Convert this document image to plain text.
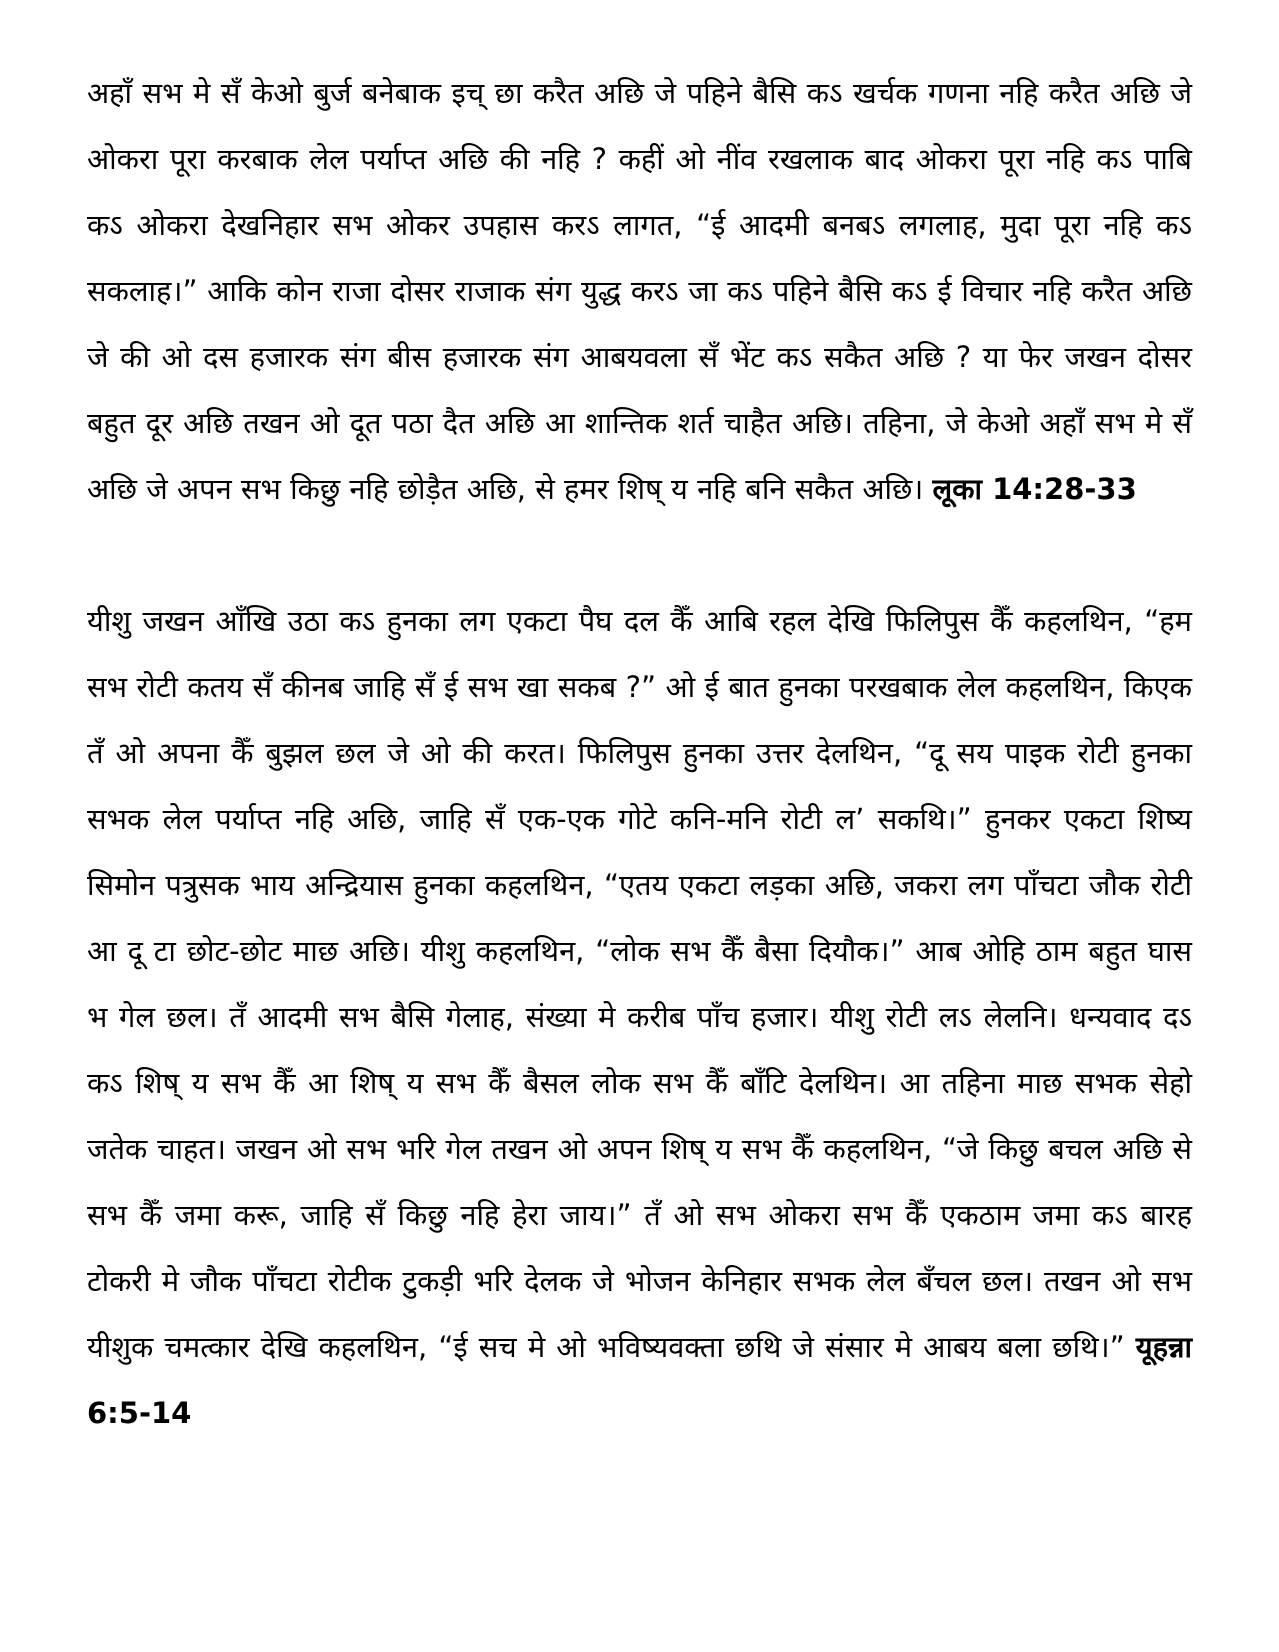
अहाँ सभ मे सँ केओ बुर्ज बनेबाक इच् छा करैत अछि जे पहिने बैसि कऽ खर्चक गणना नहि करैत अछि जे ओकरा पूरा करबाक लेल पर्याप्त अछि की नहि ? कहीं ओ नींव रखलाक बाद ओकरा पूरा नहि कऽ पाबि कऽ ओकरा देखनिहार सभ ओकर उपहास करऽ लागत, “ई आदमी बनबऽ लगलाह, मुदा पूरा नहि कऽ सकलाह।” आकि कोन राजा दोसर राजाक संग युद्ध करऽ जा कऽ पहिने बैसि कऽ ई विचार नहि करैत अछि जे की ओ दस हजारक संग बीस हजारक संग आबयवला सँ भेंट कऽ सकैत अछि ? या फेर जखन दोसर बहुत दूर अछि तखन ओ दूत पठा दैत अछि आ शान्तिक शर्त चाहैत अछि। तहिना, जे केओ अहाँ सभ मे सँ अछि जे अपन सभ किछु नहि छोड़ैत अछि, से हमर शिष् य नहि बनि सकैत अछि। लूका 14:28-33

यीशु जखन आँखि उठा कऽ हुनका लग एकटा पैघ दल कैँ आबि रहल देखि फिलिपुस कैँ कहलथिन, “हम सभ रोटी कतय सँ कीनब जाहि सँ ई सभ खा सकब ?” ओ ई बात हुनका परखबाक लेल कहलथिन, किएक तँ ओ अपना कैँ बुझल छल जे ओ की करत। फिलिपुस हुनका उत्तर देलथिन, “दू सय पाइक रोटी हुनका सभक लेल पर्याप्त नहि अछि, जाहि सँ एक-एक गोटे कनि-मनि रोटी ल’ सकथि।” हुनकर एकटा शिष्य सिमोन पत्रुसक भाय अन्द्रियास हुनका कहलथिन, “एतय एकटा लड़का अछि, जकरा लग पाँचटा जौक रोटी आ दू टा छोट-छोट माछ अछि। यीशु कहलथिन, “लोक सभ कैँ बैसा दियौक।” आब ओहि ठाम बहुत घास भ गेल छल। तँ आदमी सभ बैसि गेलाह, संख्या मे करीब पाँच हजार। यीशु रोटी लऽ लेलनि। धन्यवाद दऽ कऽ शिष् य सभ कैँ आ शिष् य सभ कैँ बैसल लोक सभ कैँ बाँटि देलथिन। आ तहिना माछ सभक सेहो जतेक चाहत। जखन ओ सभ भरि गेल तखन ओ अपन शिष् य सभ कैँ कहलथिन, “जे किछु बचल अछि से सभ कैँ जमा करू, जाहि सँ किछु नहि हेरा जाय।” तँ ओ सभ ओकरा सभ कैँ एकठाम जमा कऽ बारह टोकरी मे जौक पाँचटा रोटीक टुकड़ी भरि देलक जे भोजन केनिहार सभक लेल बँचल छल। तखन ओ सभ यीशुक चमत्कार देखि कहलथिन, “ई सच मे ओ भविष्यवक्ता छथि जे संसार मे आबय बला छथि।” यूहन्ना 6:5-14
